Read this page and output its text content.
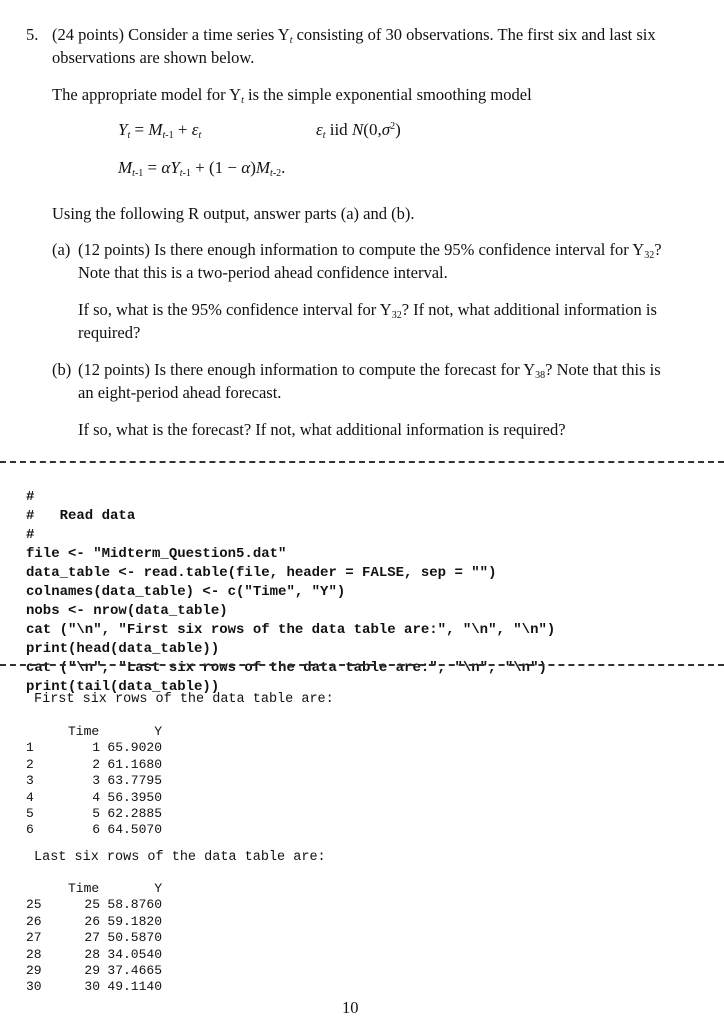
5. (24 points) Consider a time series $Y_t$ consisting of 30 observations. The first six and last six
observations are shown below.
The appropriate model for $Y_t$ is the simple exponential smoothing model
$Y_t = M_{t-1} + \varepsilon_t$	$\varepsilon_t$ iid $N(0,\sigma^2)$
$M_{t-1} = \alpha Y_{t-1} + (1 - \alpha)M_{t-2}$.
Using the following R output, answer parts (a) and (b).
(a) (12 points) Is there enough information to compute the 95% confidence interval for $Y_{32}$?
Note that this is a two-period ahead confidence interval.
If so, what is the 95% confidence interval for $Y_{32}$? If not, what additional information is
required?
(b) (12 points) Is there enough information to compute the forecast for $Y_{38}$? Note that this is
an eight-period ahead forecast.
If so, what is the forecast? If not, what additional information is required?

#
#   Read data
#
file <- "Midterm_Question5.dat"
data_table <- read.table(file, header = FALSE, sep = "")
colnames(data_table) <- c("Time", "Y")
nobs <- nrow(data_table)
cat ("\n", "First six rows of the data table are:", "\n", "\n")
print(head(data_table))
cat ("\n", "Last six rows of the data table are:", "\n", "\n")
print(tail(data_table))

First six rows of the data table are:
Time	Y
1	1 65.9020
2	2 61.1680
3	3 63.7795
4	4 56.3950
5	5 62.2885
6	6 64.5070
Last six rows of the data table are:
Time	Y
25	25 58.8760
26	26 59.1820
27	27 50.5870
28	28 34.0540
29	29 37.4665
30	30 49.1140
10
